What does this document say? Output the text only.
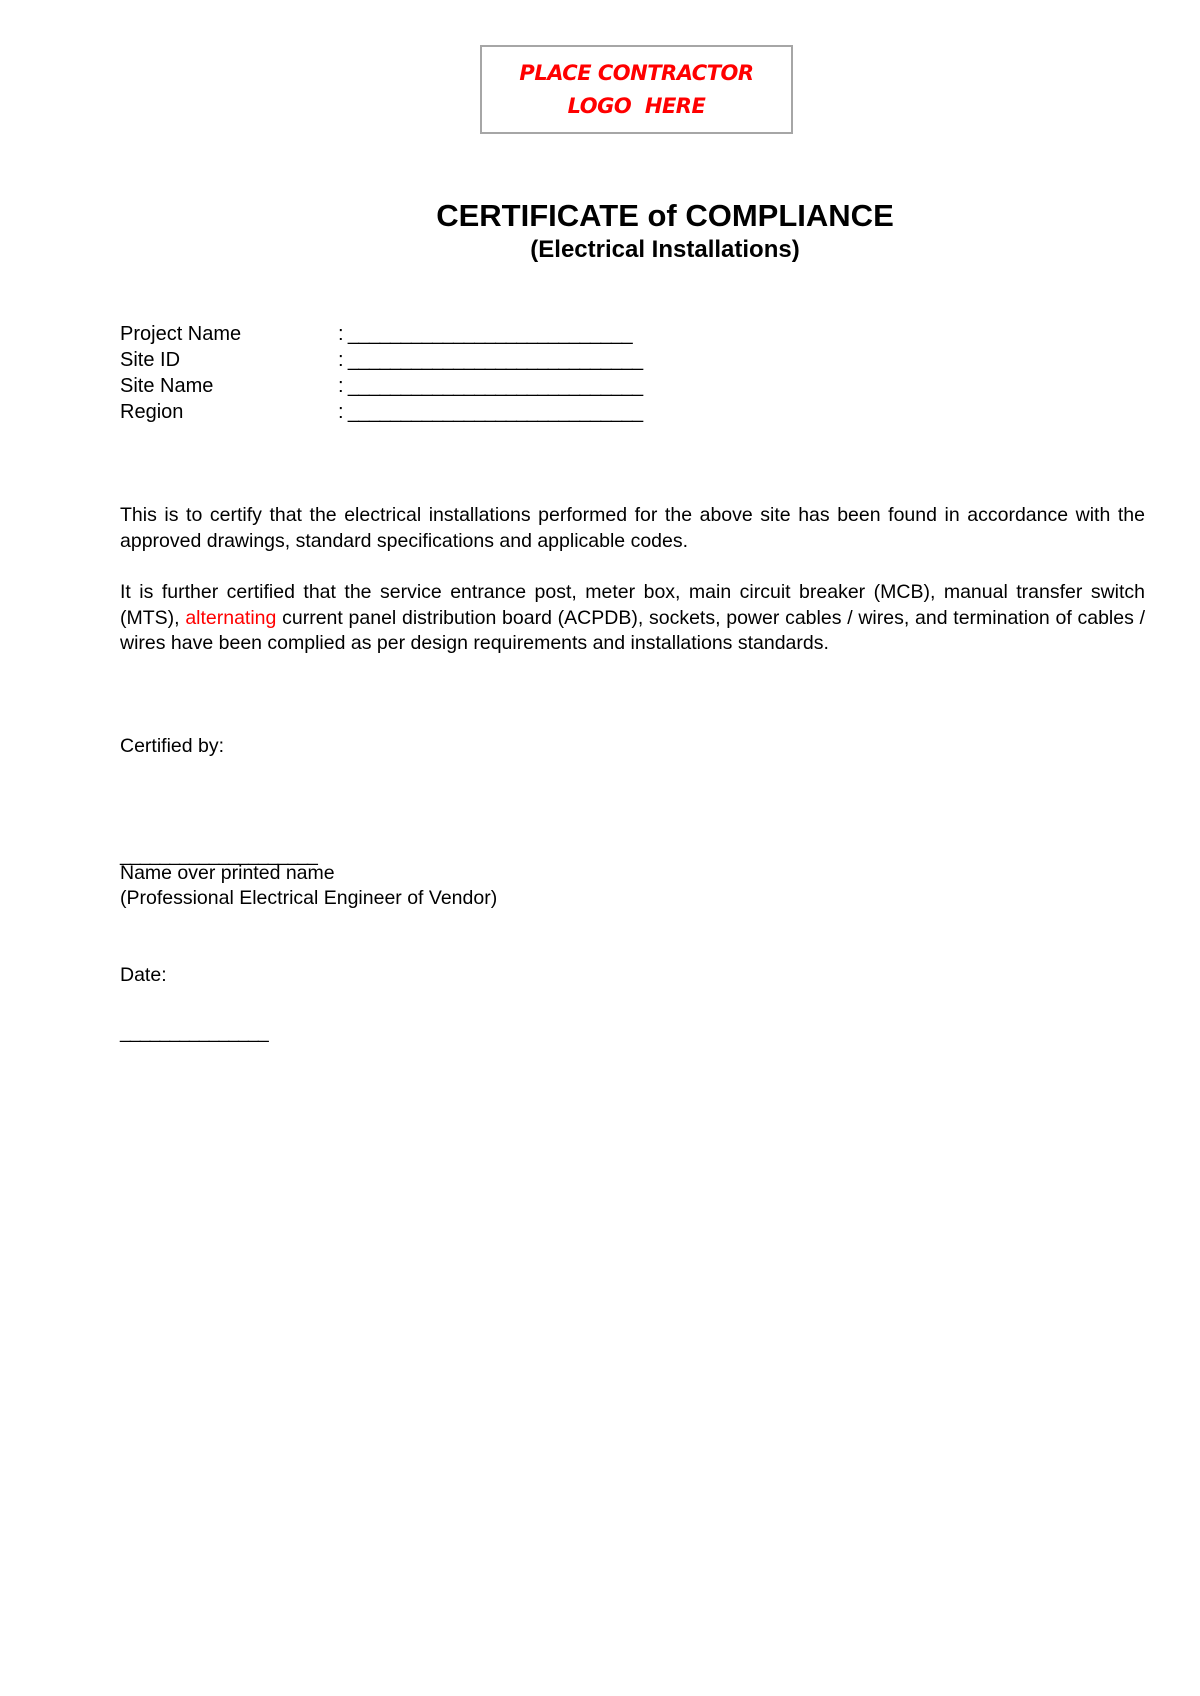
PLACE CONTRACTOR
LOGO  HERE
CERTIFICATE of COMPLIANCE
(Electrical Installations)
Project Name	: ___________________________
Site ID	: ____________________________
Site Name	: ____________________________
Region	: ____________________________
This is to certify that the electrical installations performed for the above site has been found in accordance with the approved drawings, standard specifications and applicable codes.
It is further certified that the service entrance post, meter box, main circuit breaker (MCB), manual transfer switch (MTS), alternating current panel distribution board (ACPDB), sockets, power cables / wires, and termination of cables / wires have been complied as per design requirements and installations standards.
Certified by:
____________________
Name over printed name
(Professional Electrical Engineer of Vendor)
Date:
_______________
